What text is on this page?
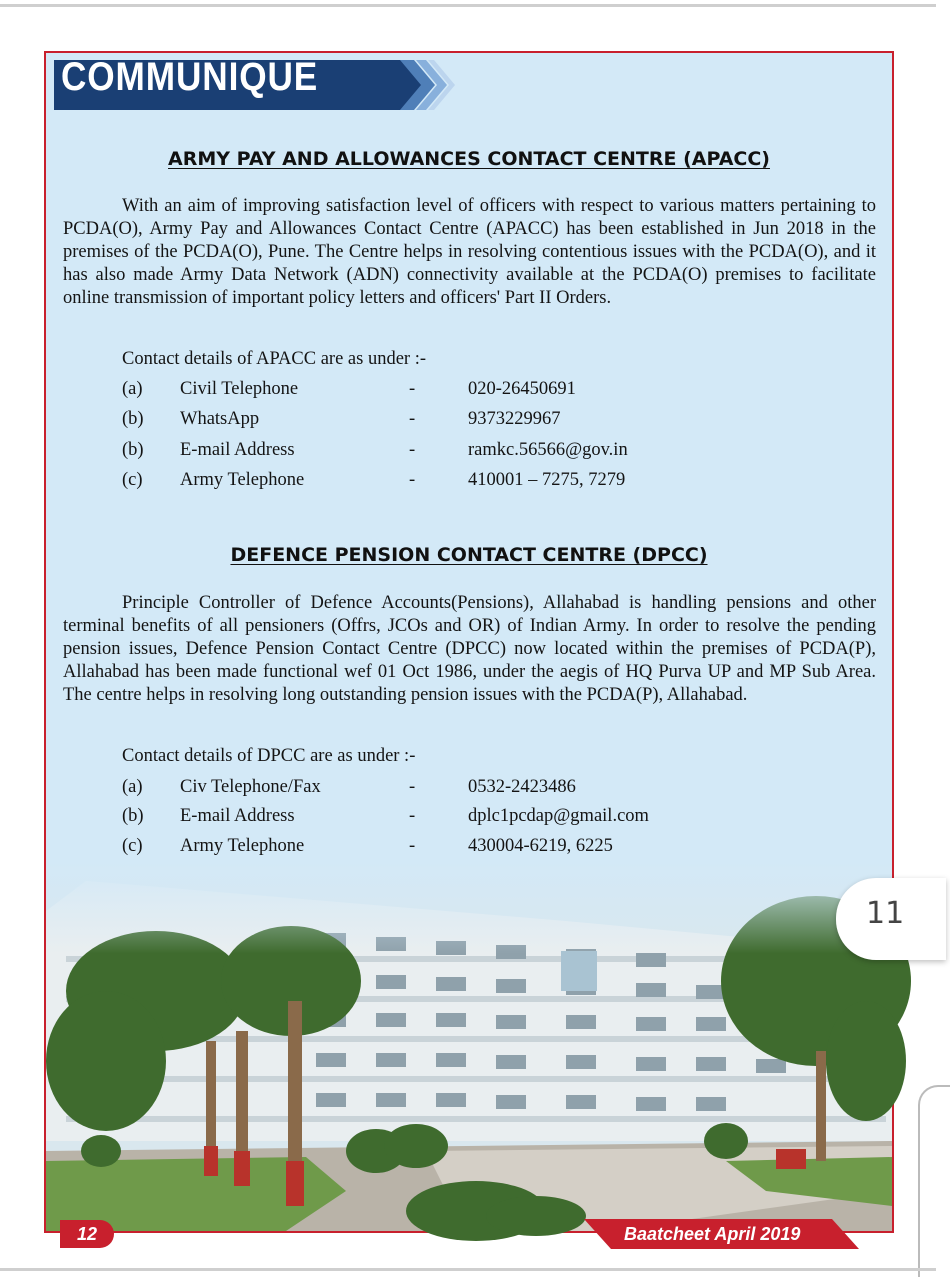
COMMUNIQUE
ARMY PAY AND ALLOWANCES CONTACT CENTRE (APACC)
With an aim of improving satisfaction level of officers with respect to various matters pertaining to PCDA(O), Army Pay and Allowances Contact Centre (APACC) has been established in Jun 2018 in the premises of the PCDA(O), Pune. The Centre helps in resolving contentious issues with the PCDA(O), and it has also made Army Data Network (ADN) connectivity available at the PCDA(O) premises to facilitate online transmission of important policy letters and officers' Part II Orders.
Contact details of APACC are as under :-
(a) Civil Telephone	-	020-26450691
(b) WhatsApp	-	9373229967
(b) E-mail Address	-	ramkc.56566@gov.in
(c) Army Telephone	-	410001 – 7275, 7279
DEFENCE PENSION CONTACT CENTRE (DPCC)
Principle Controller of Defence Accounts(Pensions), Allahabad is handling pensions and other terminal benefits of all pensioners (Offrs, JCOs and OR) of Indian Army. In order to resolve the pending pension issues, Defence Pension Contact Centre (DPCC) now located within the premises of PCDA(P), Allahabad has been made functional wef 01 Oct 1986, under the aegis of HQ Purva UP and MP Sub Area. The centre helps in resolving long outstanding pension issues with the PCDA(P), Allahabad.
Contact details of DPCC are as under :-
(a) Civ Telephone/Fax	-	0532-2423486
(b) E-mail Address	-	dplc1pcdap@gmail.com
(c) Army Telephone	-	430004-6219, 6225
12	Baatcheet April 2019
11
